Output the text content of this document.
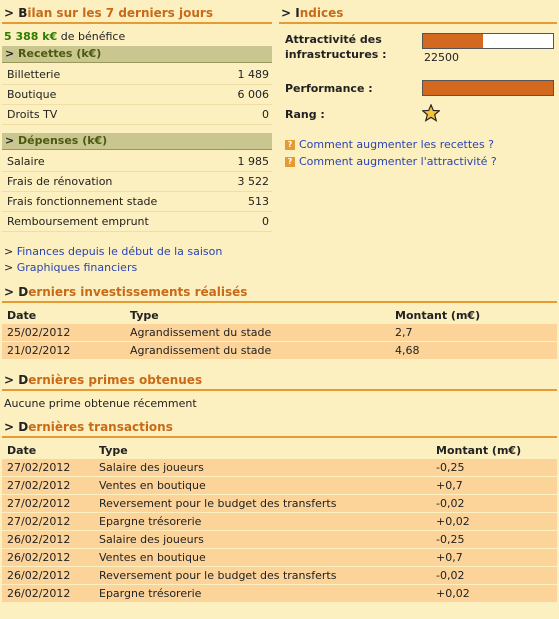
> Bilan sur les 7 derniers jours
5 388 k€ de bénéfice
> Recettes (k€)
Billetterie	1 489
Boutique	6 006
Droits TV	0
> Dépenses (k€)
Salaire	1 985
Frais de rénovation	3 522
Frais fonctionnement stade	513
Remboursement emprunt	0
> Finances depuis le début de la saison
> Graphiques financiers
> Indices
Attractivité des infrastructures :	22500
Performance :
Rang :
? Comment augmenter les recettes ?
? Comment augmenter l'attractivité ?
> Derniers investissements réalisés
Date	Type	Montant (m€)
25/02/2012	Agrandissement du stade	2,7
21/02/2012	Agrandissement du stade	4,68
> Dernières primes obtenues
Aucune prime obtenue récemment
> Dernières transactions
Date	Type	Montant (m€)
27/02/2012	Salaire des joueurs	-0,25
27/02/2012	Ventes en boutique	+0,7
27/02/2012	Reversement pour le budget des transferts	-0,02
27/02/2012	Epargne trésorerie	+0,02
26/02/2012	Salaire des joueurs	-0,25
26/02/2012	Ventes en boutique	+0,7
26/02/2012	Reversement pour le budget des transferts	-0,02
26/02/2012	Epargne trésorerie	+0,02
